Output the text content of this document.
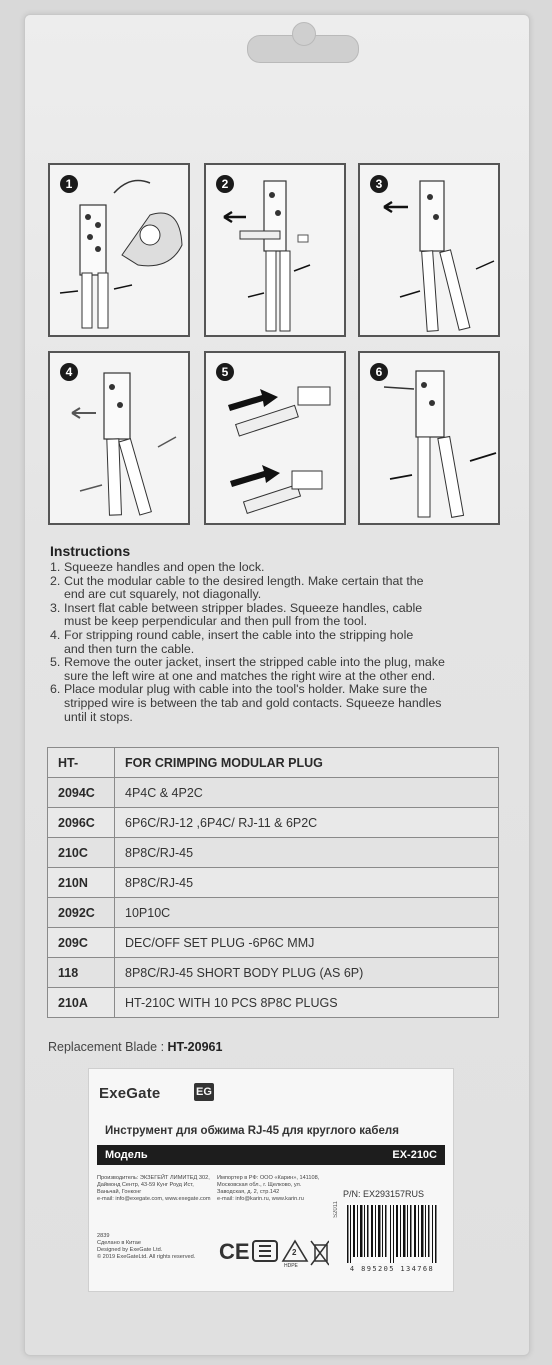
1	2	3
4	5	6
Instructions
1. Squeeze handles and open the lock.
2. Cut the modular cable to the desired length. Make certain that the
end are cut squarely, not diagonally.
3. Insert flat cable between stripper blades. Squeeze handles, cable
must be keep perpendicular and then pull from the tool.
4. For stripping round cable, insert the cable into the stripping hole
and then turn the cable.
5. Remove the outer jacket, insert the stripped cable into the plug, make
sure the left wire at one and matches the right wire at the other end.
6. Place modular plug with cable into the tool's holder. Make sure the
stripped wire is between the tab and gold contacts. Squeeze handles
until it stops.
HT-	FOR CRIMPING MODULAR PLUG
2094C	4P4C & 4P2C
2096C	6P6C/RJ-12 ,6P4C/ RJ-11 & 6P2C
210C	8P8C/RJ-45
210N	8P8C/RJ-45
2092C	10P10C
209C	DEC/OFF SET PLUG -6P6C MMJ
118	8P8C/RJ-45 SHORT BODY PLUG (AS 6P)
210A	HT-210C WITH 10 PCS 8P8C PLUGS
Replacement Blade : HT-20961
ExeGate	EG
Инструмент для обжима RJ-45 для круглого кабеля
Модель	EX-210C
Производитель: ЭКЗЕГЕЙТ ЛИМИТЕД 302, Даймонд Сентр, 43-59 Кунг Роуд Ист, Ваньчай, Гонконг
e-mail: info@exegate.com, www.exegate.com
Импортер в РФ: ООО «Карин», 141108, Московская обл., г. Щелково, ул. Заводская, д. 2, стр.142
e-mail: info@karin.ru, www.karin.ru	P/N: EX293157RUS
2839
Сделано в Китае
Designed by ExeGate Ltd.
© 2019 ExeGateLtd. All rights reserved.	CE	2
HDPE
S2011
4 895205 134768
